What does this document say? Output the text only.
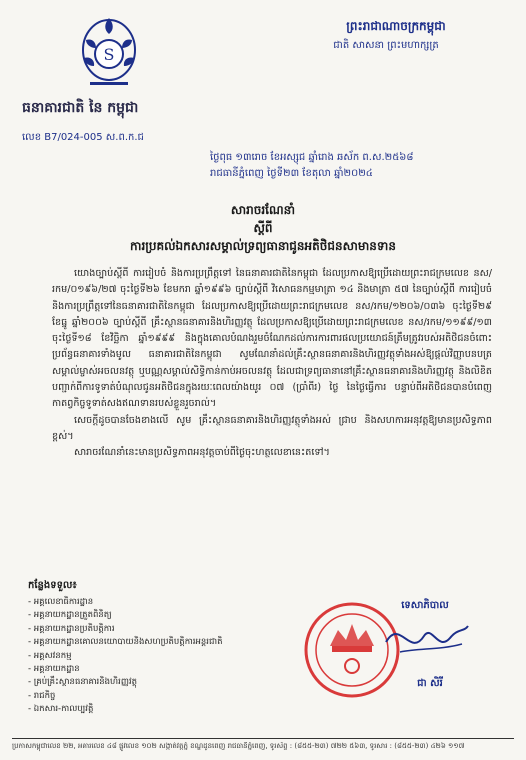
S
ធនាគារជាតិ នៃ កម្ពុជា
លេខ B7/024-005 ស.ព.ក.ជ
ព្រះរាជាណាចក្រកម្ពុជា
ជាតិ សាសនា ព្រះមហាក្សត្រ
ថ្ងៃពុធ ១៣រោច ខែអស្សុជ ឆ្នាំរោង ឆស័ក ព.ស.២៥៦៨
រាជធានីភ្នំពេញ ថ្ងៃទី២៣ ខែតុលា ឆ្នាំ២០២៤
សារាចរណែនាំ
ស្តីពី
ការប្រគល់ឯកសារសម្គាល់ទ្រព្យធានាជូនអតិថិជនសាមានទាន

យោងច្បាប់ស្តីពី ការរៀបចំ និងការប្រព្រឹត្តទៅ នៃធនាគារជាតិនៃកម្ពុជា ដែលប្រកាសឱ្យប្រើដោយព្រះរាជក្រមលេខ នស/រកម/០១៩៦/២៧ ចុះថ្ងៃទី២៦ ខែមករា ឆ្នាំ១៩៩៦ ច្បាប់ស្តីពី វិសោធនកម្មមាត្រា ១៤ និងមាត្រា ៥៧ នៃច្បាប់ស្តីពី ការរៀបចំ និងការប្រព្រឹត្តទៅនៃធនាគារជាតិនៃកម្ពុជា ដែលប្រកាសឱ្យប្រើដោយព្រះរាជក្រមលេខ នស/រកម/១២០៦/០៣៦ ចុះថ្ងៃទី២៩ ខែធ្នូ ឆ្នាំ២០០៦ ច្បាប់ស្តីពី គ្រឹះស្ថានធនាគារនិងហិរញ្ញវត្ថុ ដែលប្រកាសឱ្យប្រើដោយព្រះរាជក្រមលេខ នស/រកម/១១៩៩/១៣ ចុះថ្ងៃទី១៨ ខែវិច្ឆិកា ឆ្នាំ១៩៩៩ និងក្នុងគោលបំណងរួមចំណែកដល់ការការពារផលប្រយោជន៍ត្រឹមត្រូវរបស់អតិថិជនចំពោះប្រព័ន្ធធនាគារទាំងមូល ធនាគារជាតិនៃកម្ពុជា សូមណែនាំដល់គ្រឹះស្ថានធនាគារនិងហិរញ្ញវត្ថុទាំងអស់ឱ្យផ្តល់វិញ្ញាបនបត្រសម្គាល់ម្ចាស់អចលនវត្ថុ ឬបណ្ណសម្គាល់សិទ្ធិកាន់កាប់អចលនវត្ថុ ដែលជាទ្រព្យធានានៅគ្រឹះស្ថានធនាគារនិងហិរញ្ញវត្ថុ និងលិខិតបញ្ជាក់ពីការទូទាត់បំណុលជូនអតិថិជនក្នុងរយៈពេលយ៉ាងយូរ ០៧ (ប្រាំពីរ) ថ្ងៃ នៃថ្ងៃធ្វើការ បន្ទាប់ពីអតិថិជនបានបំពេញកាតព្វកិច្ចទូទាត់សងឥណទានរបស់ខ្លួនរួចរាល់។

សេចក្តីដូចបានចែងខាងលើ សូម គ្រឹះស្ថានធនាគារនិងហិរញ្ញវត្ថុទាំងអស់ ជ្រាប និងសហការអនុវត្តឱ្យមានប្រសិទ្ធភាពខ្ពស់។

សារាចរណែនាំនេះមានប្រសិទ្ធភាពអនុវត្តចាប់ពីថ្ងៃចុះហត្ថលេខានេះតទៅ។

កន្លែងទទួល៖
- អគ្គលេខាធិការដ្ឋាន
- អគ្គនាយកដ្ឋានត្រួតពិនិត្យ
- អគ្គនាយកដ្ឋានប្រតិបត្តិការ
- អគ្គនាយកដ្ឋានគោលនយោបាយនិងសហប្រតិបត្តិការអន្តរជាតិ
- អគ្គសវនកម្ម
- អគ្គនាយកដ្ឋាន
- គ្រប់គ្រឹះស្ថានធនាគារនិងហិរញ្ញវត្ថុ
- រាជកិច្ច
- ឯកសារ-កាលប្បវត្តិ
ទេសាភិបាល
ជា សិរី
ប្រកាសកម្ពុជាលេខ ២២, អគារលេខ ៤៨ ផ្លូវលេខ ១០២ សង្កាត់វត្តភ្នំ ខណ្ឌដូនពេញ រាជធានីភ្នំពេញ, ទូរស័ព្ទ : (៨៥៥-២៣) ៧២២ ៥៦៣, ទូរសារ : (៨៥៥-២៣) ៤២៦ ១១៧
